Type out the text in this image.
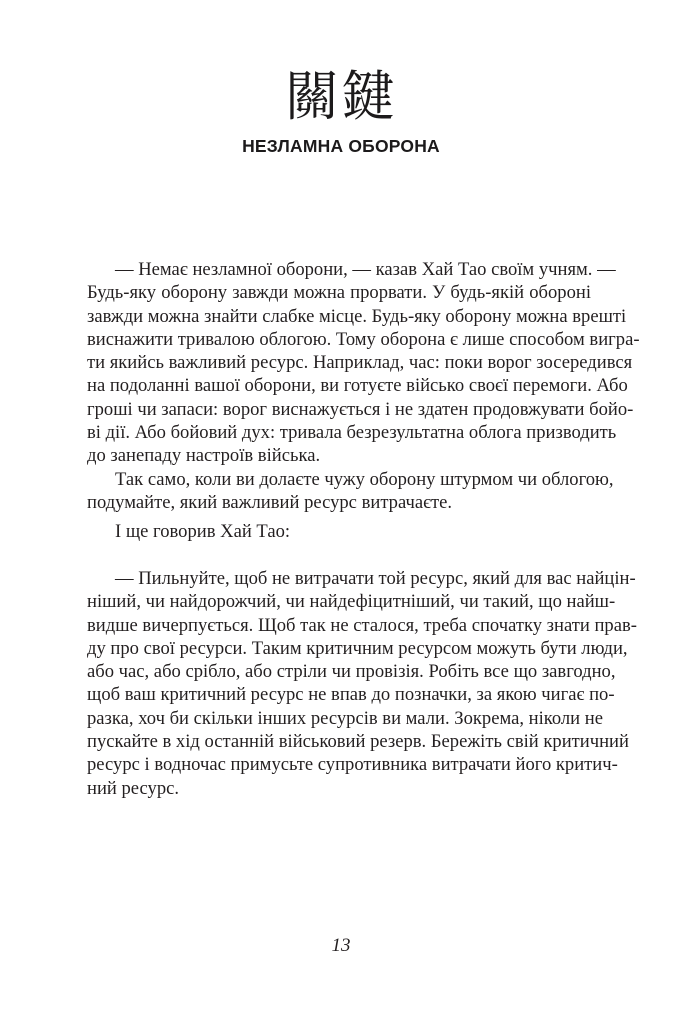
關鍵
НЕЗЛАМНА ОБОРОНА
— Немає незламної оборони, — казав Хай Тао своїм учням. —
Будь-яку оборону завжди можна прорвати. У будь-якій обороні
завжди можна знайти слабке місце. Будь-яку оборону можна врешті
виснажити тривалою облогою. Тому оборона є лише способом вигра-
ти якийсь важливий ресурс. Наприклад, час: поки ворог зосередився
на подоланні вашої оборони, ви готуєте військо своєї перемоги. Або
гроші чи запаси: ворог виснажується і не здатен продовжувати бойо-
ві дії. Або бойовий дух: тривала безрезультатна облога призводить
до занепаду настроїв війська.
Так само, коли ви долаєте чужу оборону штурмом чи облогою,
подумайте, який важливий ресурс витрачаєте.
І ще говорив Хай Тао:
— Пильнуйте, щоб не витрачати той ресурс, який для вас найцін-
ніший, чи найдорожчий, чи найдефіцитніший, чи такий, що найш-
видше вичерпується. Щоб так не сталося, треба спочатку знати прав-
ду про свої ресурси. Таким критичним ресурсом можуть бути люди,
або час, або срібло, або стріли чи провізія. Робіть все що завгодно,
щоб ваш критичний ресурс не впав до позначки, за якою чигає по-
разка, хоч би скільки інших ресурсів ви мали. Зокрема, ніколи не
пускайте в хід останній військовий резерв. Бережіть свій критичний
ресурс і водночас примусьте супротивника витрачати його критич-
ний ресурс.
13
